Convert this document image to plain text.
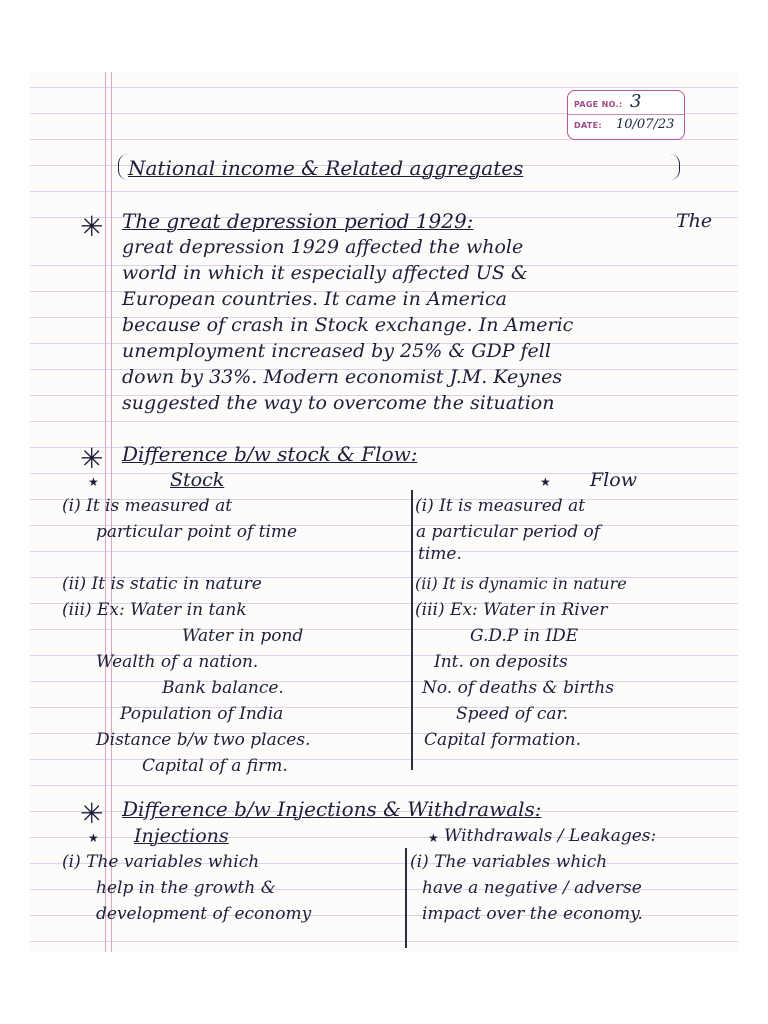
PAGE NO.: 3
DATE: 10/07/23
National income & Related aggregates
✳ The great depression period 1929:	The
great depression 1929 affected the whole
world in which it especially affected US &
European countries. It came in America
because of crash in Stock exchange. In Americ
unemployment increased by 25% & GDP fell
down by 33%. Modern economist J.M. Keynes
suggested the way to overcome the situation
✳ Difference b/w stock & Flow:
★	Stock	★ Flow
(i) It is measured at	(i) It is measured at
particular point of time	a particular period of
time.
(ii) It is static in nature	(ii) It is dynamic in nature
(iii) Ex: Water in tank	(iii) Ex: Water in River
Water in pond	G.D.P in IDE
Wealth of a nation.	Int. on deposits
Bank balance.	No. of deaths & births
Population of India	Speed of car.
Distance b/w two places.	Capital formation.
Capital of a firm.
✳ Difference b/w Injections & Withdrawals:
★ Injections	★ Withdrawals / Leakages:
(i) The variables which	(i) The variables which
help in the growth &	have a negative / adverse
development of economy	impact over the economy.
